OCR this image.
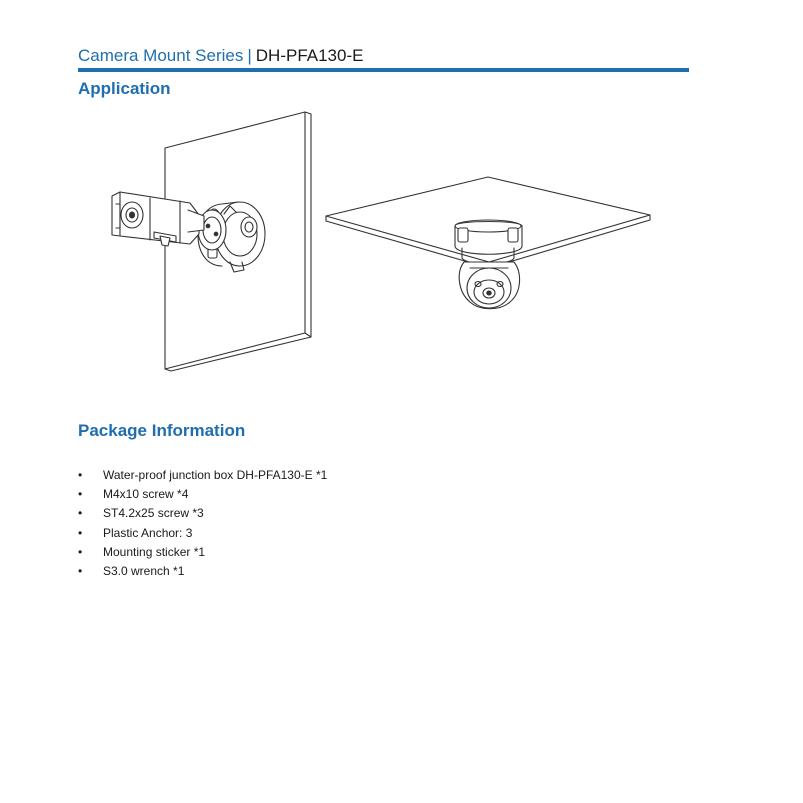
Camera Mount Series | DH-PFA130-E
Application
Package Information
• Water-proof junction box DH-PFA130-E *1
• M4x10 screw *4
• ST4.2x25 screw *3
• Plastic Anchor: 3
• Mounting sticker *1
• S3.0 wrench *1
